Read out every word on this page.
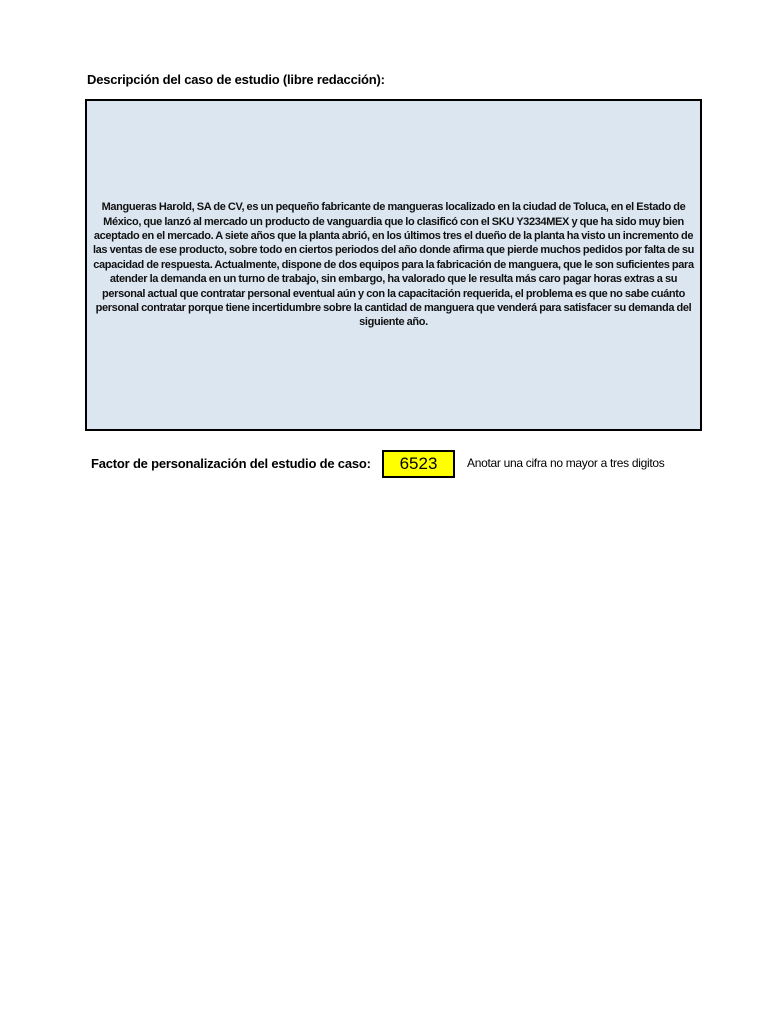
Descripción del caso de estudio (libre redacción):
Mangueras Harold, SA de CV, es un pequeño fabricante de mangueras localizado en la ciudad de Toluca, en el Estado de México, que lanzó al mercado un producto de vanguardia que lo clasificó con el SKU Y3234MEX y que ha sido muy bien aceptado en el mercado. A siete años que la planta abrió, en los últimos tres el dueño de la planta ha visto un incremento de las ventas de ese producto, sobre todo en ciertos periodos del año donde afirma que pierde muchos pedidos por falta de su capacidad de respuesta. Actualmente, dispone de dos equipos para la fabricación de manguera, que le son suficientes para atender la demanda en un turno de trabajo, sin embargo, ha valorado que le resulta más caro pagar horas extras a su personal actual que contratar personal eventual aún y con la capacitación requerida, el problema es que no sabe cuánto personal contratar porque tiene incertidumbre sobre la cantidad de manguera que venderá para satisfacer su demanda del siguiente año.
Factor de personalización del estudio de caso:	6523	Anotar una cifra no mayor a tres digitos
